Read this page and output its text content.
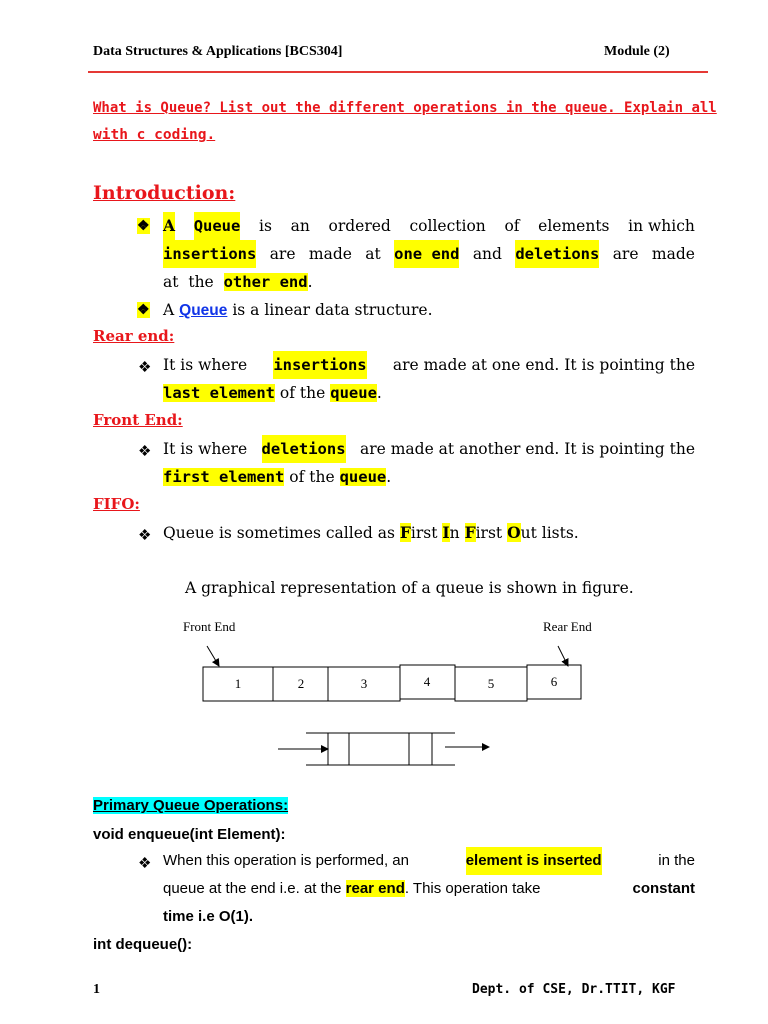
Data Structures & Applications [BCS304]	Module (2)
What is Queue? List out the different operations in the queue. Explain all
with c coding.
Introduction:
❖ A Queue is an ordered collection of elements in which
insertions are made at one end and deletions are made
at the other end.
❖ A Queue is a linear data structure.
Rear end:
❖ It is where insertions are made at one end. It is pointing the
last element of the queue.
Front End:
❖ It is where deletions are made at another end. It is pointing the
first element of the queue.
FIFO:
❖ Queue is sometimes called as First In First Out lists.
A graphical representation of a queue is shown in figure.
Front End	Rear End
1	2	3	4	5	6
Primary Queue Operations:
void enqueue(int Element):
❖ When this operation is performed, an	element is inserted	in the
queue at the end i.e. at the rear end. This operation take	constant
time i.e O(1).
int dequeue():
1	Dept. of CSE, Dr.TTIT, KGF
